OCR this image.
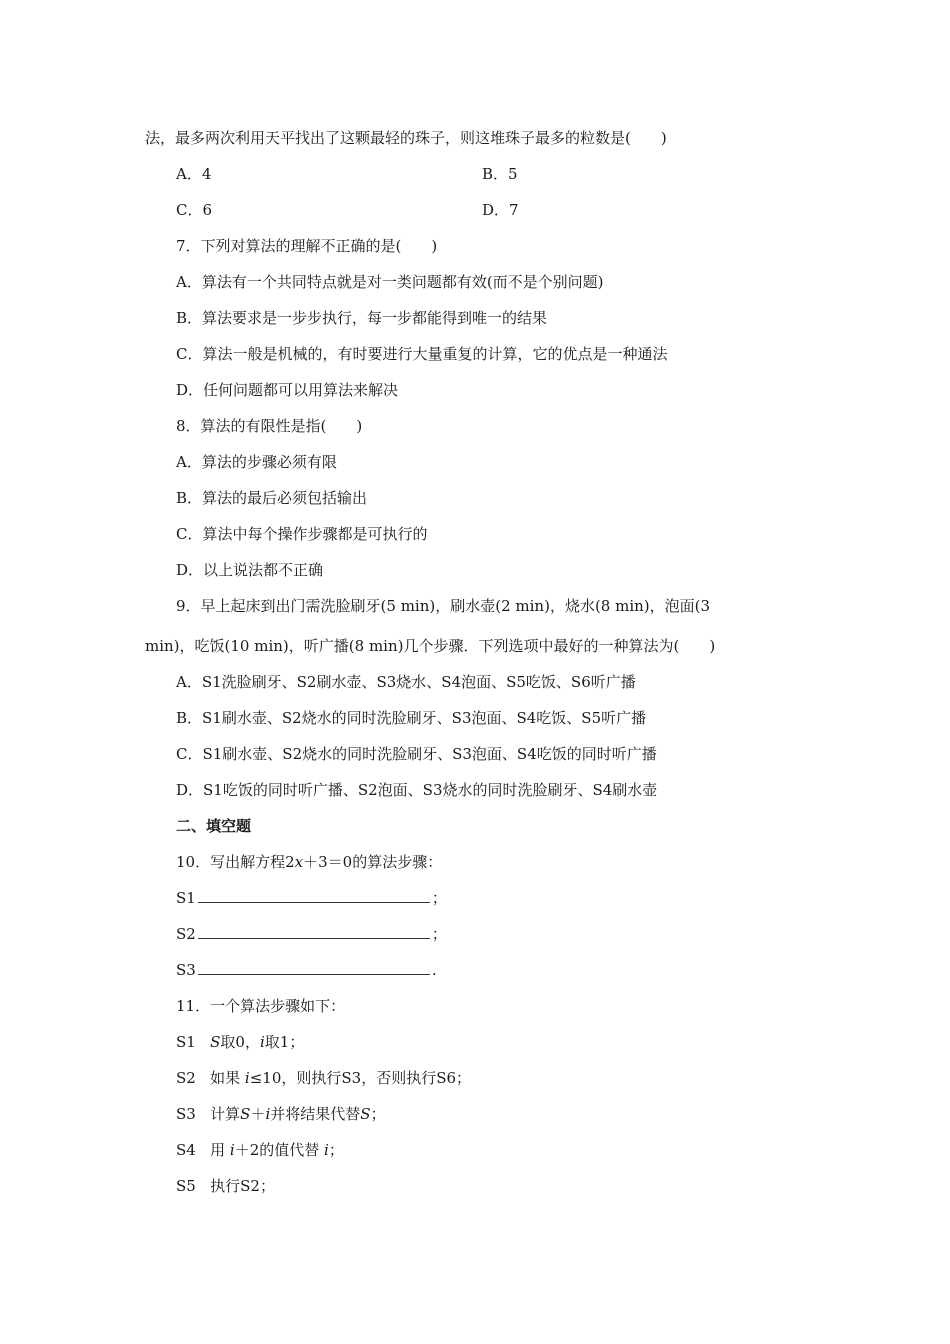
法，最多两次利用天平找出了这颗最轻的珠子，则这堆珠子最多的粒数是(　　)
A．4	B．5
C．6	D．7
7．下列对算法的理解不正确的是(　　)
A．算法有一个共同特点就是对一类问题都有效(而不是个别问题)
B．算法要求是一步步执行，每一步都能得到唯一的结果
C．算法一般是机械的，有时要进行大量重复的计算，它的优点是一种通法
D．任何问题都可以用算法来解决
8．算法的有限性是指(　　)
A．算法的步骤必须有限
B．算法的最后必须包括输出
C．算法中每个操作步骤都是可执行的
D．以上说法都不正确
9．早上起床到出门需洗脸刷牙(5 min)，刷水壶(2 min)，烧水(8 min)，泡面(3
min)，吃饭(10 min)，听广播(8 min)几个步骤．下列选项中最好的一种算法为(　　)
A．S1洗脸刷牙、S2刷水壶、S3烧水、S4泡面、S5吃饭、S6听广播
B．S1刷水壶、S2烧水的同时洗脸刷牙、S3泡面、S4吃饭、S5听广播
C．S1刷水壶、S2烧水的同时洗脸刷牙、S3泡面、S4吃饭的同时听广播
D．S1吃饭的同时听广播、S2泡面、S3烧水的同时洗脸刷牙、S4刷水壶
二、填空题
10．写出解方程2x＋3＝0的算法步骤：
S1	；
S2	；
S3	.
11．一个算法步骤如下：
S1 S取0，i取1；
S2 如果 i≤10，则执行S3，否则执行S6；
S3 计算S＋i并将结果代替S；
S4 用 i＋2的值代替 i；
S5 执行S2；
